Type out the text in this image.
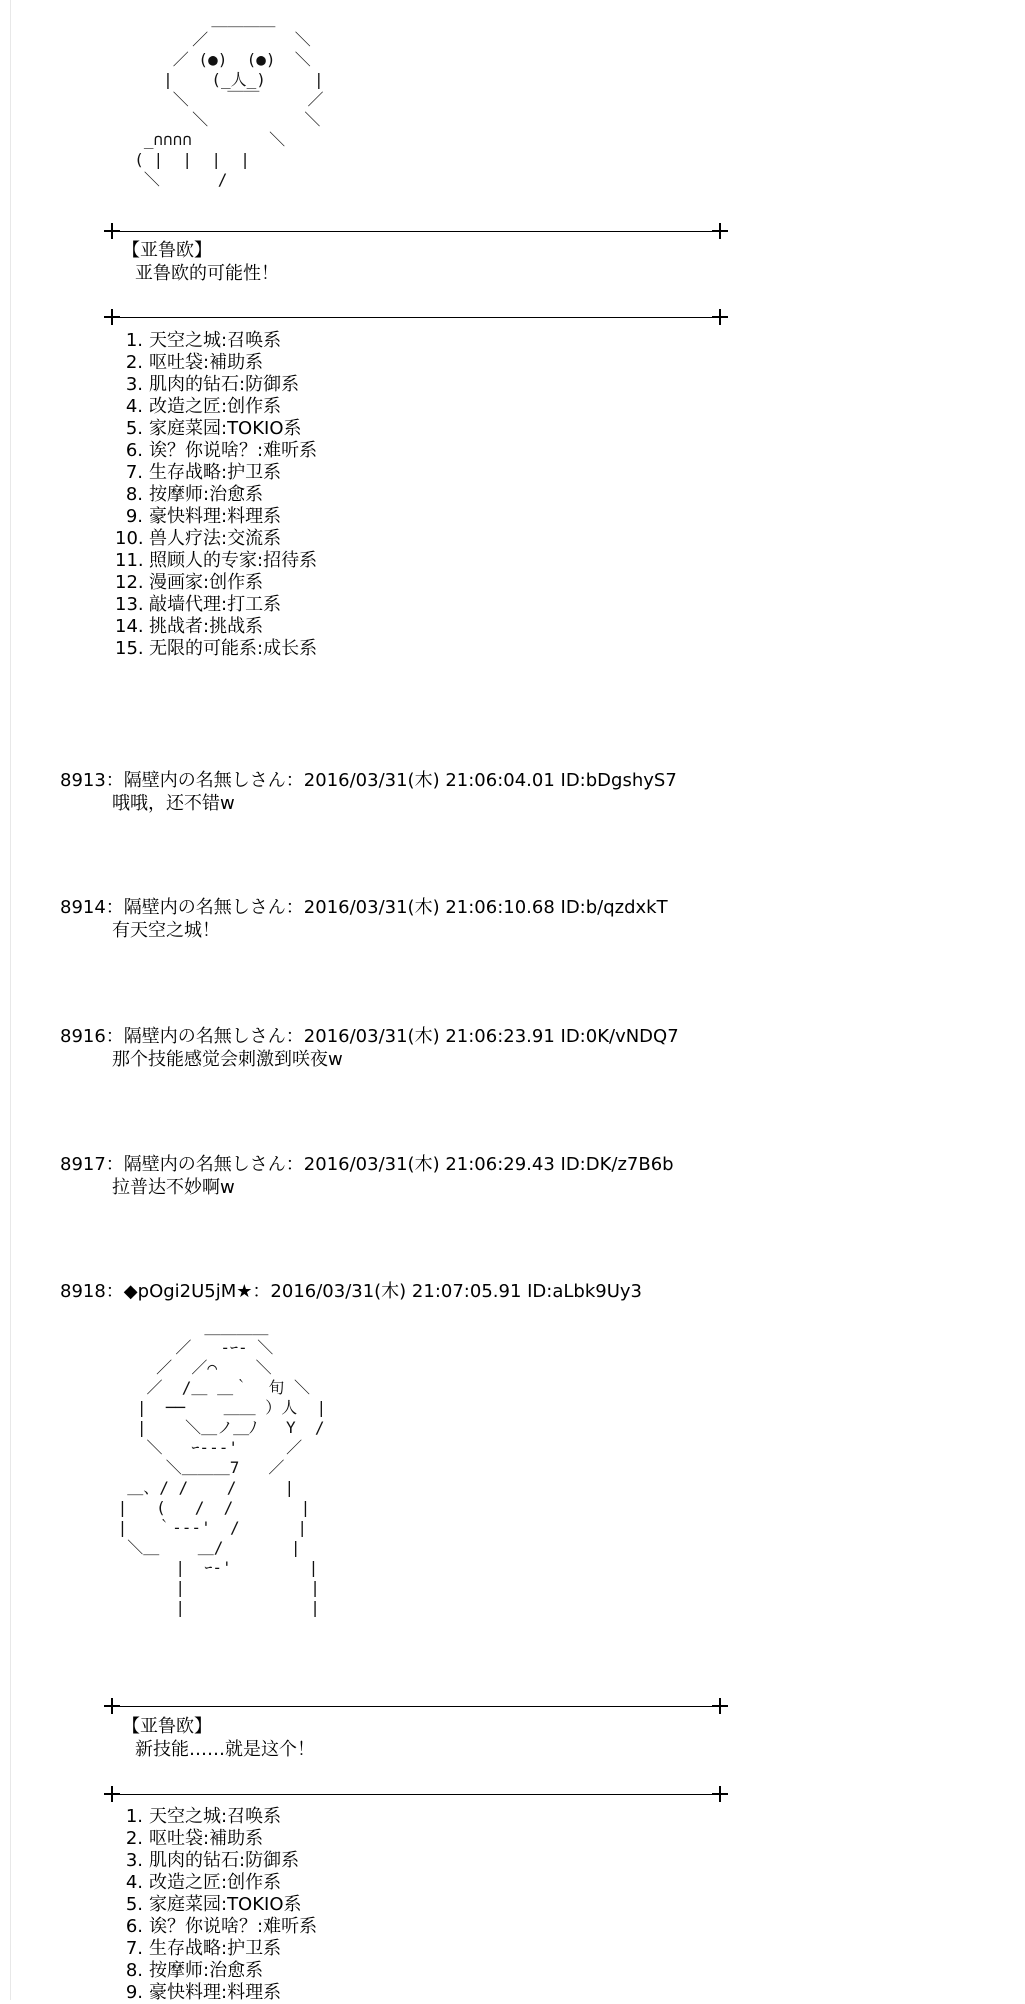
＿＿＿＿
／         ＼
／ (●)  (●)  ＼
|    (_人_)     |
＼    ￣￣     ／
＼          ＼
_∩∩∩∩        ＼
( |  |  |  |
＼      /

【亚鲁欧】
亚鲁欧的可能性！
1. 天空之城:召唤系
2. 呕吐袋:補助系
3. 肌肉的钻石:防御系
4. 改造之匠:创作系
5. 家庭菜园:TOKIO系
6. 诶？你说啥？:难听系
7. 生存战略:护卫系
8. 按摩师:治愈系
9. 豪快料理:料理系
10. 兽人疗法:交流系
11. 照顾人的专家:招待系
12. 漫画家:创作系
13. 敲墙代理:打工系
14. 挑战者:挑战系
15. 无限的可能系:成长系
8913：隔壁内の名無しさん：2016/03/31(木) 21:06:04.01 ID:bDgshyS7
哦哦，还不错w
8914：隔壁内の名無しさん：2016/03/31(木) 21:06:10.68 ID:b/qzdxkT
有天空之城！
8916：隔壁内の名無しさん：2016/03/31(木) 21:06:23.91 ID:0K/vNDQ7
那个技能感觉会刺激到咲夜w
8917：隔壁内の名無しさん：2016/03/31(木) 21:06:29.43 ID:DK/z7B6b
拉普达不妙啊w
8918：◆pOgi2U5jM★：2016/03/31(木) 21:07:05.91 ID:aLbk9Uy3
＿＿＿＿
／   -ｰ‐ ＼
／  ／⌒    ＼
／  /＿ ＿｀  旬 ＼
|  ──    ＿＿ ）人  |
|    ＼＿ノ＿ﾉ   Y  /
＼   ｰ‐-‐'     ／
＼＿＿＿7   ／
＿、/ /    /     |
|   (   /  /       |
|   ｀‐-‐'  /      |
＼＿    ＿/       |
|  ｰ‐'        |
|             |
|             |
【亚鲁欧】
新技能……就是这个！
1. 天空之城:召唤系
2. 呕吐袋:補助系
3. 肌肉的钻石:防御系
4. 改造之匠:创作系
5. 家庭菜园:TOKIO系
6. 诶？你说啥？:难听系
7. 生存战略:护卫系
8. 按摩师:治愈系
9. 豪快料理:料理系
